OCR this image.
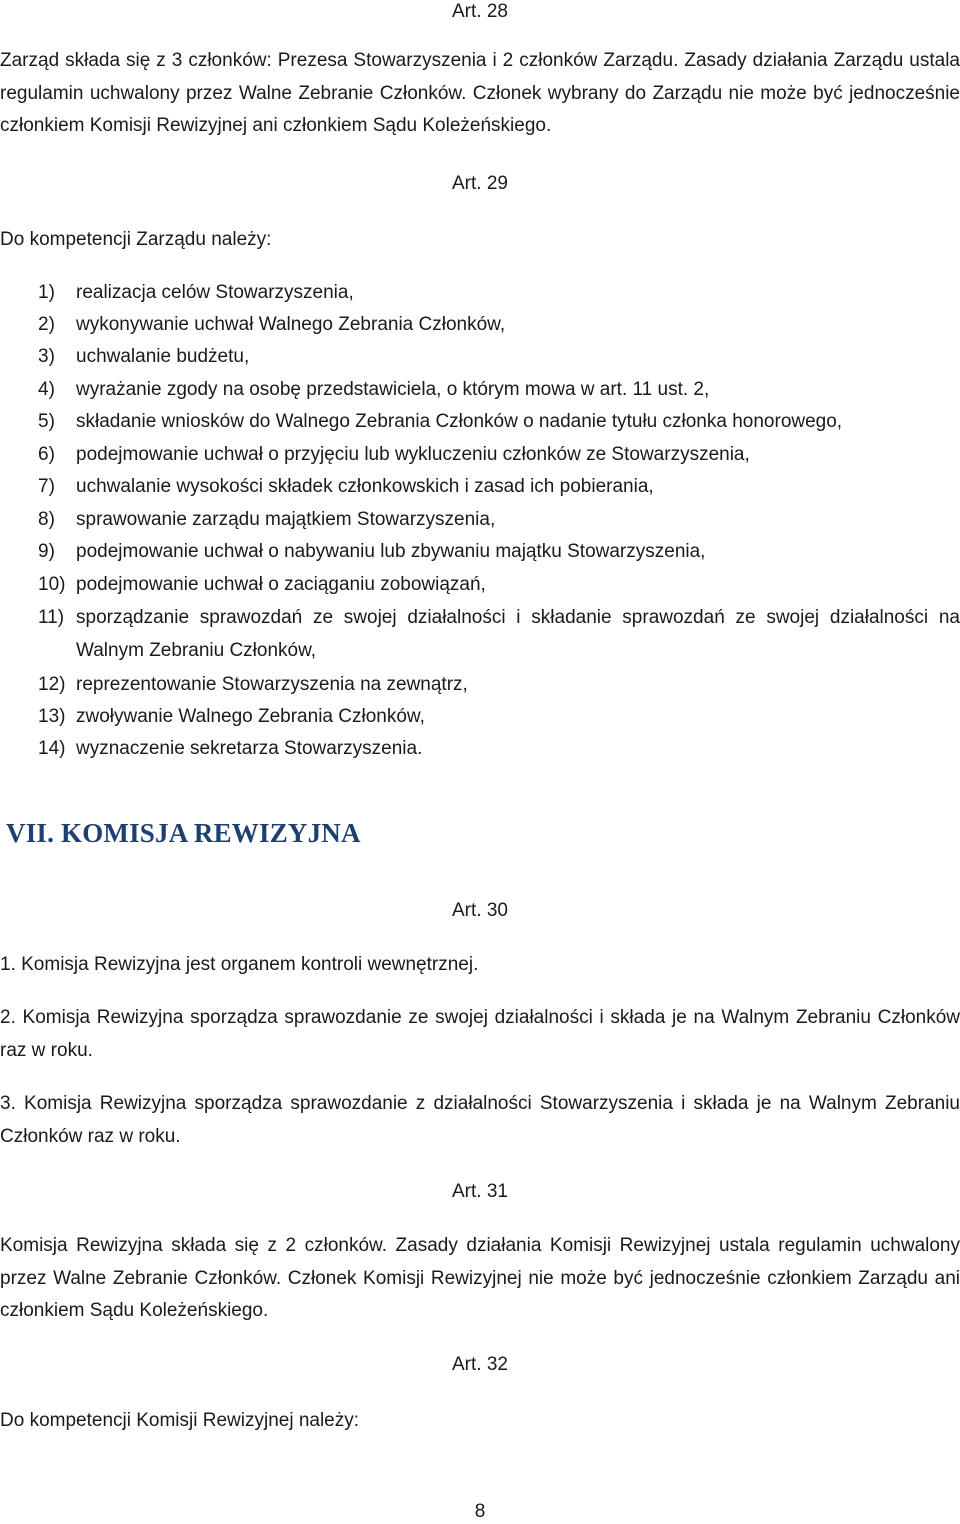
Art. 28
Zarząd składa się z 3 członków: Prezesa Stowarzyszenia i 2 członków Zarządu. Zasady działania Zarządu ustala regulamin uchwalony przez Walne Zebranie Członków. Członek wybrany do Zarządu nie może być jednocześnie członkiem Komisji Rewizyjnej ani członkiem Sądu Koleżeńskiego.
Art. 29
Do kompetencji Zarządu należy:
1) realizacja celów Stowarzyszenia,
2) wykonywanie uchwał Walnego Zebrania Członków,
3) uchwalanie budżetu,
4) wyrażanie zgody na osobę przedstawiciela, o którym mowa w art. 11 ust. 2,
5) składanie wniosków do Walnego Zebrania Członków o nadanie tytułu członka honorowego,
6) podejmowanie uchwał o przyjęciu lub wykluczeniu członków ze Stowarzyszenia,
7) uchwalanie wysokości składek członkowskich i zasad ich pobierania,
8) sprawowanie zarządu majątkiem Stowarzyszenia,
9) podejmowanie uchwał o nabywaniu lub zbywaniu majątku Stowarzyszenia,
10) podejmowanie uchwał o zaciąganiu zobowiązań,
11) sporządzanie sprawozdań ze swojej działalności i składanie sprawozdań ze swojej działalności na Walnym Zebraniu Członków,
12) reprezentowanie Stowarzyszenia na zewnątrz,
13) zwoływanie Walnego Zebrania Członków,
14) wyznaczenie sekretarza Stowarzyszenia.
VII. KOMISJA REWIZYJNA
Art. 30
1. Komisja Rewizyjna jest organem kontroli wewnętrznej.
2. Komisja Rewizyjna sporządza sprawozdanie ze swojej działalności i składa je na Walnym Zebraniu Członków raz w roku.
3. Komisja Rewizyjna sporządza sprawozdanie z działalności Stowarzyszenia i składa je na Walnym Zebraniu Członków raz w roku.
Art. 31
Komisja Rewizyjna składa się z 2 członków. Zasady działania Komisji Rewizyjnej ustala regulamin uchwalony przez Walne Zebranie Członków. Członek Komisji Rewizyjnej nie może być jednocześnie członkiem Zarządu ani członkiem Sądu Koleżeńskiego.
Art. 32
Do kompetencji Komisji Rewizyjnej należy:
8
